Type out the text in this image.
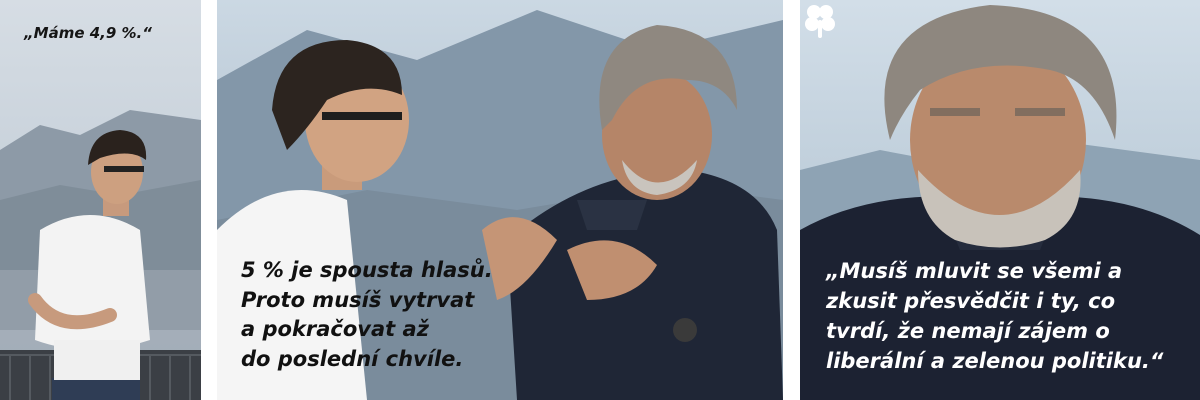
„Máme 4,9 %.“
5 % je spousta hlasů.
Proto musíš vytrvat
a pokračovat až
do poslední chvíle.
„Musíš mluvit se všemi a
zkusit přesvědčit i ty, co
tvrdí, že nemají zájem o
liberální a zelenou politiku.“
